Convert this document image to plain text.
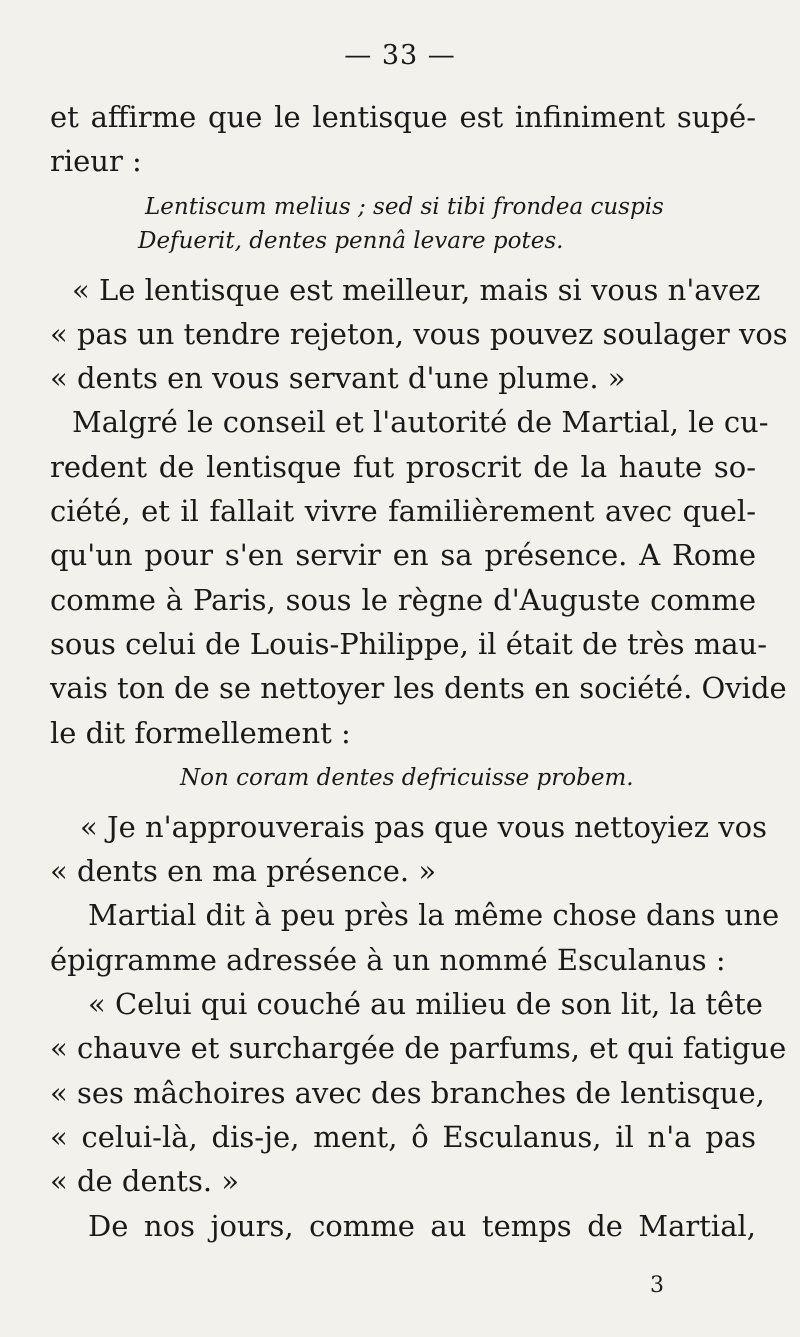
— 33 —
et affirme que le lentisque est infiniment supé-
rieur :
Lentiscum melius ; sed si tibi frondea cuspis
Defuerit, dentes pennâ levare potes.
« Le lentisque est meilleur, mais si vous n'avez
« pas un tendre rejeton, vous pouvez soulager vos
« dents en vous servant d'une plume. »
Malgré le conseil et l'autorité de Martial, le cu-
redent de lentisque fut proscrit de la haute so-
ciété, et il fallait vivre familièrement avec quel-
qu'un pour s'en servir en sa présence. A Rome
comme à Paris, sous le règne d'Auguste comme
sous celui de Louis-Philippe, il était de très mau-
vais ton de se nettoyer les dents en société. Ovide
le dit formellement :
Non coram dentes defricuisse probem.
« Je n'approuverais pas que vous nettoyiez vos
« dents en ma présence. »
Martial dit à peu près la même chose dans une
épigramme adressée à un nommé Esculanus :
« Celui qui couché au milieu de son lit, la tête
« chauve et surchargée de parfums, et qui fatigue
« ses mâchoires avec des branches de lentisque,
« celui-là, dis-je, ment, ô Esculanus, il n'a pas
« de dents. »
De nos jours, comme au temps de Martial,
3
